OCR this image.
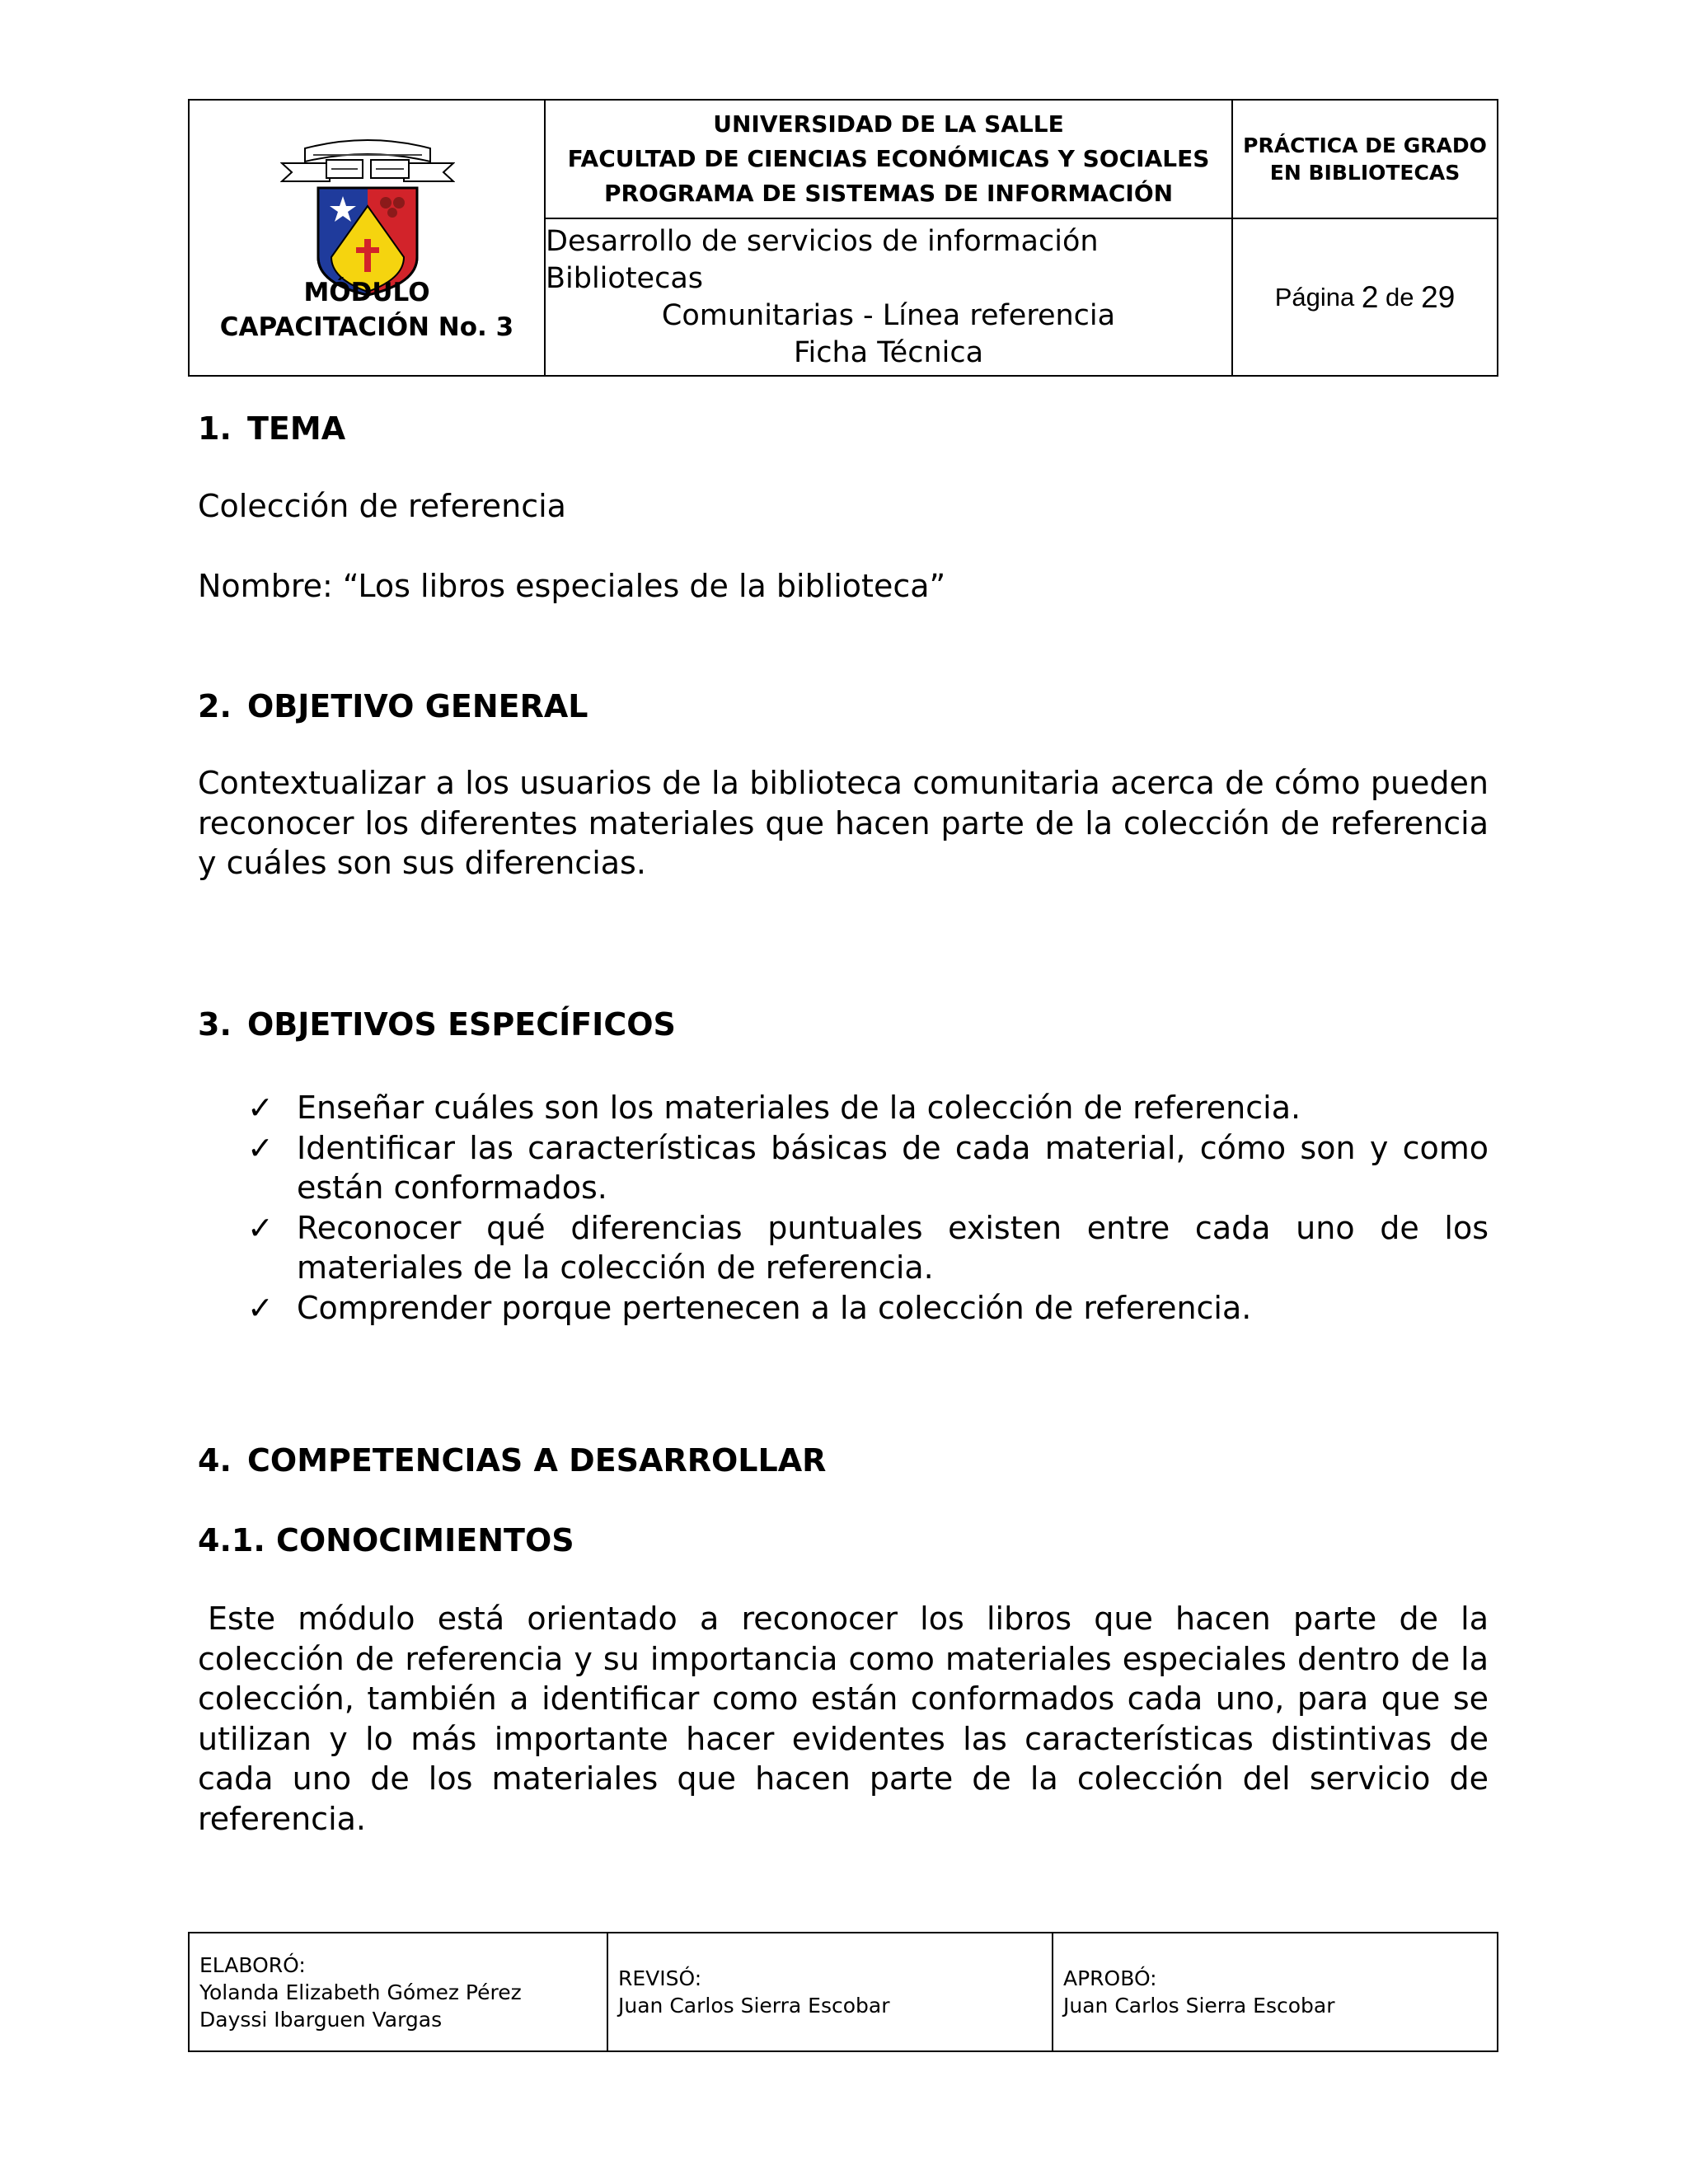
MÓDULO
CAPACITACIÓN No. 3
UNIVERSIDAD DE LA SALLE
FACULTAD DE CIENCIAS ECONÓMICAS Y SOCIALES
PROGRAMA DE SISTEMAS DE INFORMACIÓN
Desarrollo de servicios de información Bibliotecas
Comunitarias - Línea referencia
Ficha Técnica
PRÁCTICA DE GRADO
EN BIBLIOTECAS
Página
2
de
29
1. TEMA
Colección de referencia
Nombre: “Los libros especiales de la biblioteca”
2. OBJETIVO GENERAL
Contextualizar a los usuarios de la biblioteca comunitaria acerca de cómo pueden reconocer los diferentes materiales que hacen parte de la colección de referencia y cuáles son sus diferencias.
3. OBJETIVOS ESPECÍFICOS
✓ Enseñar cuáles son los materiales de la colección de referencia.
✓ Identificar las características básicas de cada material, cómo son y como están conformados.
✓ Reconocer qué diferencias puntuales existen entre cada uno de los materiales de la colección de referencia.
✓ Comprender porque pertenecen a la colección de referencia.
4. COMPETENCIAS A DESARROLLAR
4.1. CONOCIMIENTOS
Este módulo está orientado a reconocer los libros que hacen parte de la colección de referencia y su importancia como materiales especiales dentro de la colección, también a identificar como están conformados cada uno, para que se utilizan y lo más importante hacer evidentes las características distintivas de cada uno de los materiales que hacen parte de la colección del servicio de referencia.
ELABORÓ:
Yolanda Elizabeth Gómez Pérez
Dayssi Ibarguen Vargas
REVISÓ:
Juan Carlos Sierra Escobar
APROBÓ:
Juan Carlos Sierra Escobar
